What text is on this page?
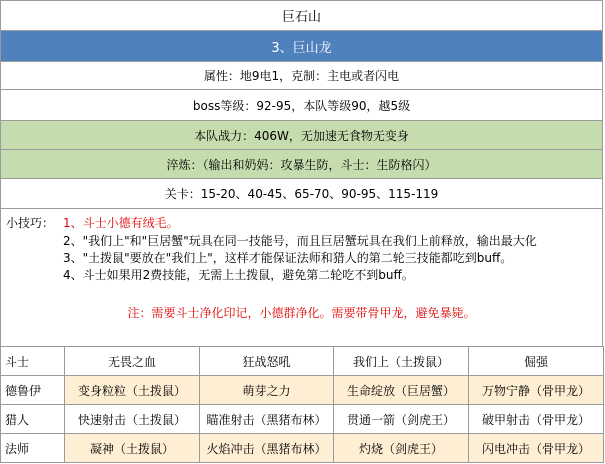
巨石山
3、巨山龙
属性：地9电1，克制：主电或者闪电
boss等级：92-95，本队等级90，越5级
本队战力：406W，无加速无食物无变身
淬炼：（输出和奶妈：攻暴生防，斗士：生防格闪）
关卡：15-20、40-45、65-70、90-95、115-119
小技巧： 1、斗士小德有绒毛。
2、"我们上"和"巨居蟹"玩具在同一技能号，而且巨居蟹玩具在我们上前释放，输出最大化
3、"土拨鼠"要放在"我们上"，这样才能保证法师和猎人的第二轮三技能都吃到buff。
4、斗士如果用2费技能，无需上土拨鼠，避免第二轮吃不到buff。
注：需要斗士净化印记，小德群净化。需要带骨甲龙，避免暴毙。
斗士	无畏之血	狂战怒吼	我们上（土拨鼠）	倔强
德鲁伊	变身粒粒（土拨鼠）	萌芽之力	生命绽放（巨居蟹）	万物宁静（骨甲龙）
猎人	快速射击（土拨鼠）	瞄准射击（黑猪布林）	贯通一箭（剑虎王）	破甲射击（骨甲龙）
法师	凝神（土拨鼠）	火焰冲击（黑猪布林）	灼烧（剑虎王）	闪电冲击（骨甲龙）
